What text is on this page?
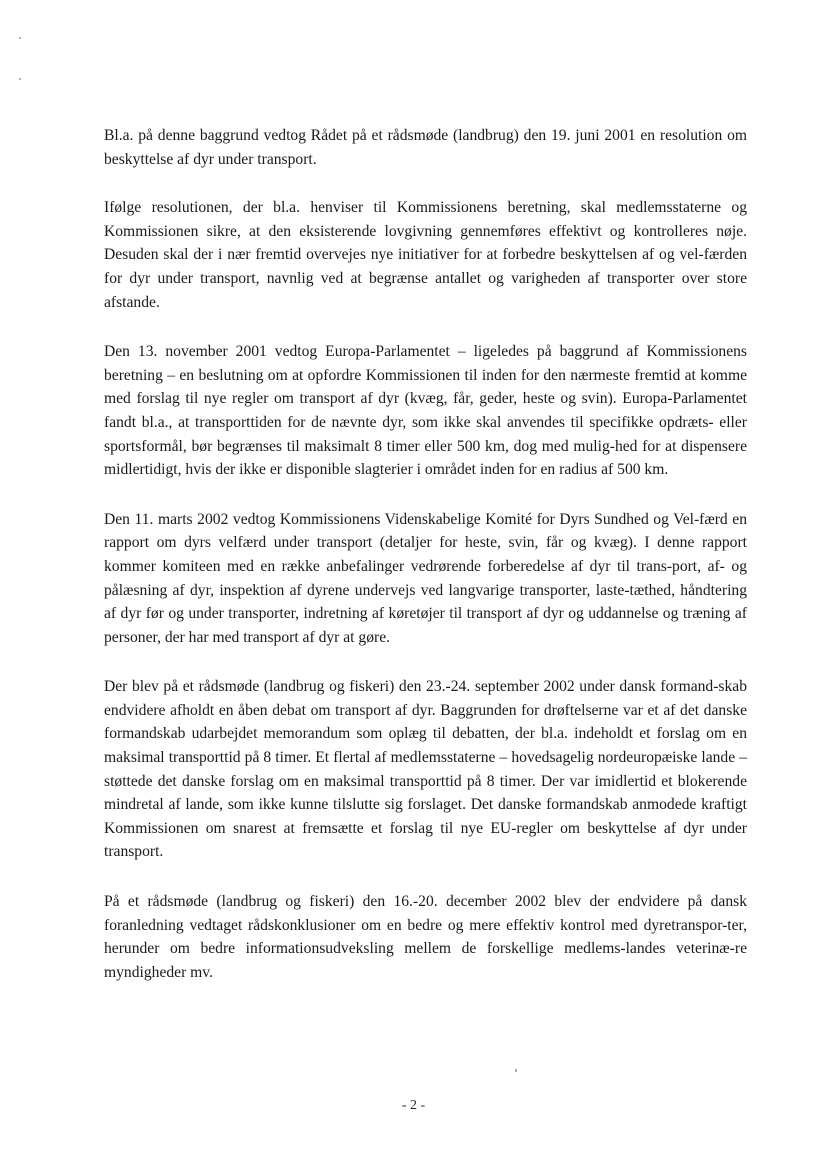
Bl.a. på denne baggrund vedtog Rådet på et rådsmøde (landbrug) den 19. juni 2001 en resolution om beskyttelse af dyr under transport.

Ifølge resolutionen, der bl.a. henviser til Kommissionens beretning, skal medlemsstaterne og Kommissionen sikre, at den eksisterende lovgivning gennemføres effektivt og kontrolleres nøje. Desuden skal der i nær fremtid overvejes nye initiativer for at forbedre beskyttelsen af og vel-færden for dyr under transport, navnlig ved at begrænse antallet og varigheden af transporter over store afstande.

Den 13. november 2001 vedtog Europa-Parlamentet – ligeledes på baggrund af Kommissionens beretning – en beslutning om at opfordre Kommissionen til inden for den nærmeste fremtid at komme med forslag til nye regler om transport af dyr (kvæg, får, geder, heste og svin). Europa-Parlamentet fandt bl.a., at transporttiden for de nævnte dyr, som ikke skal anvendes til specifikke opdræts- eller sportsformål, bør begrænses til maksimalt 8 timer eller 500 km, dog med mulig-hed for at dispensere midlertidigt, hvis der ikke er disponible slagterier i området inden for en radius af 500 km.

Den 11. marts 2002 vedtog Kommissionens Videnskabelige Komité for Dyrs Sundhed og Vel-færd en rapport om dyrs velfærd under transport (detaljer for heste, svin, får og kvæg). I denne rapport kommer komiteen med en række anbefalinger vedrørende forberedelse af dyr til trans-port, af- og pålæsning af dyr, inspektion af dyrene undervejs ved langvarige transporter, laste-tæthed, håndtering af dyr før og under transporter, indretning af køretøjer til transport af dyr og uddannelse og træning af personer, der har med transport af dyr at gøre.

Der blev på et rådsmøde (landbrug og fiskeri) den 23.-24. september 2002 under dansk formand-skab endvidere afholdt en åben debat om transport af dyr. Baggrunden for drøftelserne var et af det danske formandskab udarbejdet memorandum som oplæg til debatten, der bl.a. indeholdt et forslag om en maksimal transporttid på 8 timer. Et flertal af medlemsstaterne – hovedsagelig nordeuropæiske lande – støttede det danske forslag om en maksimal transporttid på 8 timer. Der var imidlertid et blokerende mindretal af lande, som ikke kunne tilslutte sig forslaget. Det danske formandskab anmodede kraftigt Kommissionen om snarest at fremsætte et forslag til nye EU-regler om beskyttelse af dyr under transport.

På et rådsmøde (landbrug og fiskeri) den 16.-20. december 2002 blev der endvidere på dansk foranledning vedtaget rådskonklusioner om en bedre og mere effektiv kontrol med dyretranspor-ter, herunder om bedre informationsudveksling mellem de forskellige medlems-landes veterinæ-re myndigheder mv.

- 2 -
